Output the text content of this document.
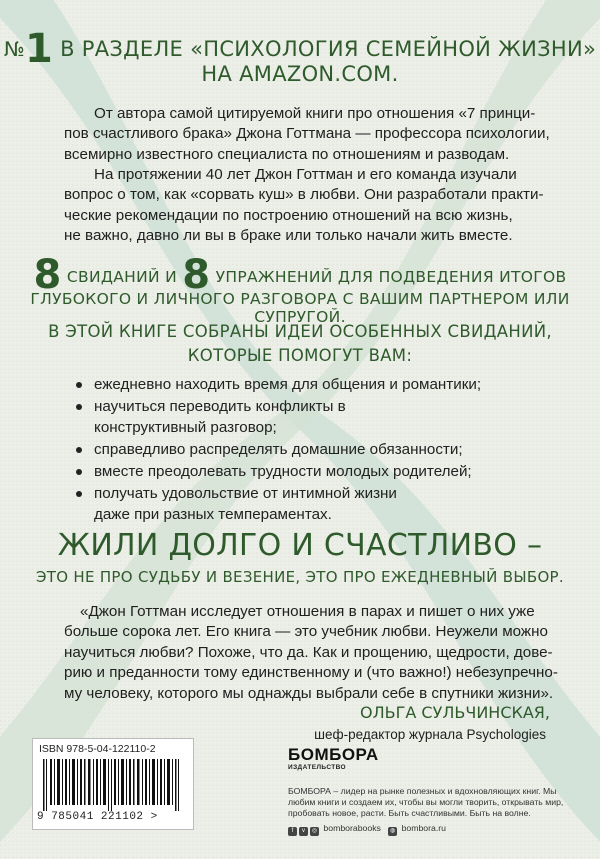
№1 В РАЗДЕЛЕ «ПСИХОЛОГИЯ СЕМЕЙНОЙ ЖИЗНИ»
НА AMAZON.COM.
От автора самой цитируемой книги про отношения «7 принци-
пов счастливого брака» Джона Готтмана — профессора психологии,
всемирно известного специалиста по отношениям и разводам.
На протяжении 40 лет Джон Готтман и его команда изучали
вопрос о том, как «сорвать куш» в любви. Они разработали практи-
ческие рекомендации по построению отношений на всю жизнь,
не важно, давно ли вы в браке или только начали жить вместе.
8 СВИДАНИЙ И 8 УПРАЖНЕНИЙ ДЛЯ ПОДВЕДЕНИЯ ИТОГОВ
ГЛУБОКОГО И ЛИЧНОГО РАЗГОВОРА С ВАШИМ ПАРТНЕРОМ ИЛИ СУПРУГОЙ.
В ЭТОЙ КНИГЕ СОБРАНЫ ИДЕИ ОСОБЕННЫХ СВИДАНИЙ,
КОТОРЫЕ ПОМОГУТ ВАМ:
ежедневно находить время для общения и романтики;
научиться переводить конфликты в конструктивный разговор;
справедливо распределять домашние обязанности;
вместе преодолевать трудности молодых родителей;
получать удовольствие от интимной жизни даже при разных темпераментах.
ЖИЛИ ДОЛГО И СЧАСТЛИВО –
ЭТО НЕ ПРО СУДЬБУ И ВЕЗЕНИЕ, ЭТО ПРО ЕЖЕДНЕВНЫЙ ВЫБОР.
«Джон Готтман исследует отношения в парах и пишет о них уже
больше сорока лет. Его книга — это учебник любви. Неужели можно
научиться любви? Похоже, что да. Как и прощению, щедрости, дове-
рию и преданности тому единственному и (что важно!) небезупречно-
му человеку, которого мы однажды выбрали себе в спутники жизни».
ОЛЬГА СУЛЬЧИНСКАЯ,
шеф-редактор журнала Psychologies
ISBN 978-5-04-122110-2
9 785041 221102 >
БОМБОРА
ИЗДАТЕЛЬСТВО
БОМБОРА – лидер на рынке полезных и вдохновляющих книг. Мы любим книги и создаем их, чтобы вы могли творить, открывать мир, пробовать новое, расти. Быть счастливыми. Быть на волне.
f v ◎ bomborabooks ◍ bombora.ru
